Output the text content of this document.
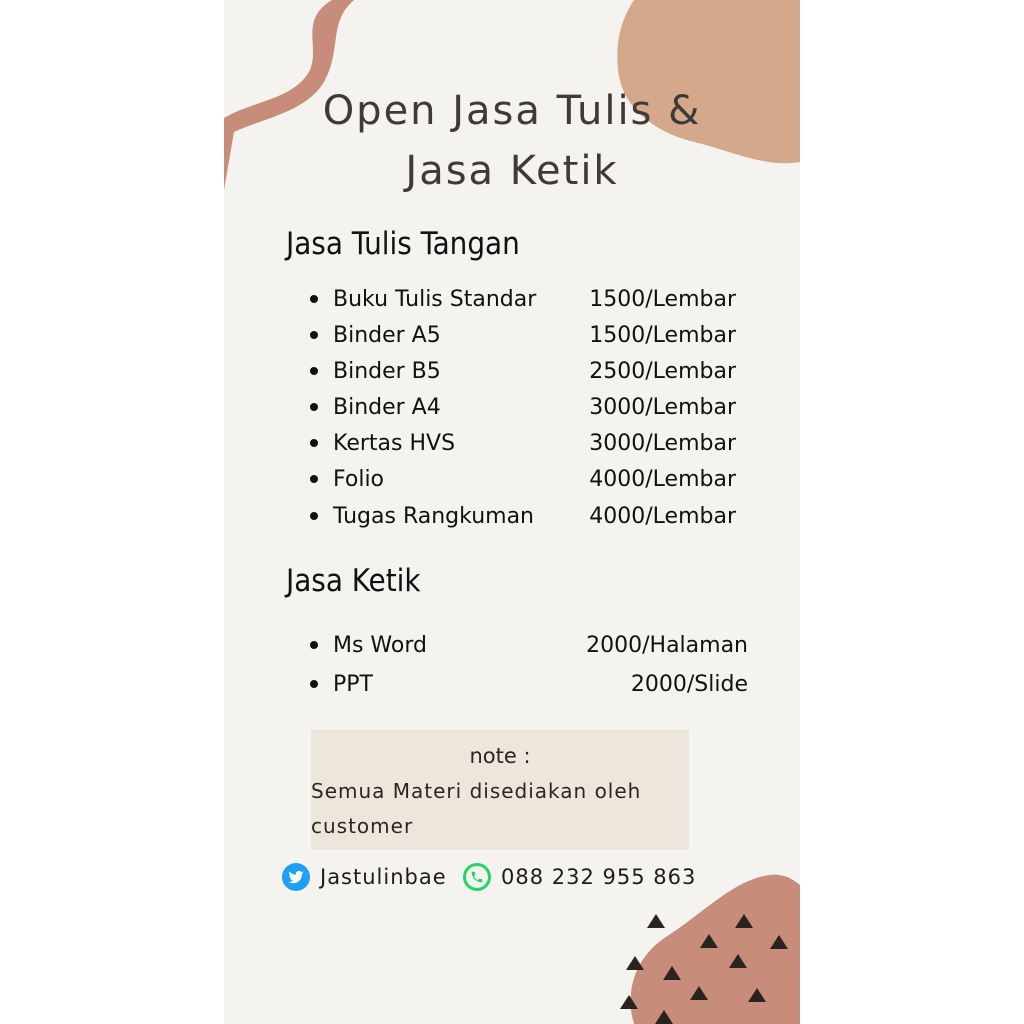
Open Jasa Tulis &
Jasa Ketik
Jasa Tulis Tangan
Buku Tulis Standar	1500/Lembar
Binder A5	1500/Lembar
Binder B5	2500/Lembar
Binder A4	3000/Lembar
Kertas HVS	3000/Lembar
Folio	4000/Lembar
Tugas Rangkuman	4000/Lembar
Jasa Ketik
Ms Word	2000/Halaman
PPT	2000/Slide
note :
Semua Materi disediakan oleh customer
Jastulinbae	088 232 955 863
